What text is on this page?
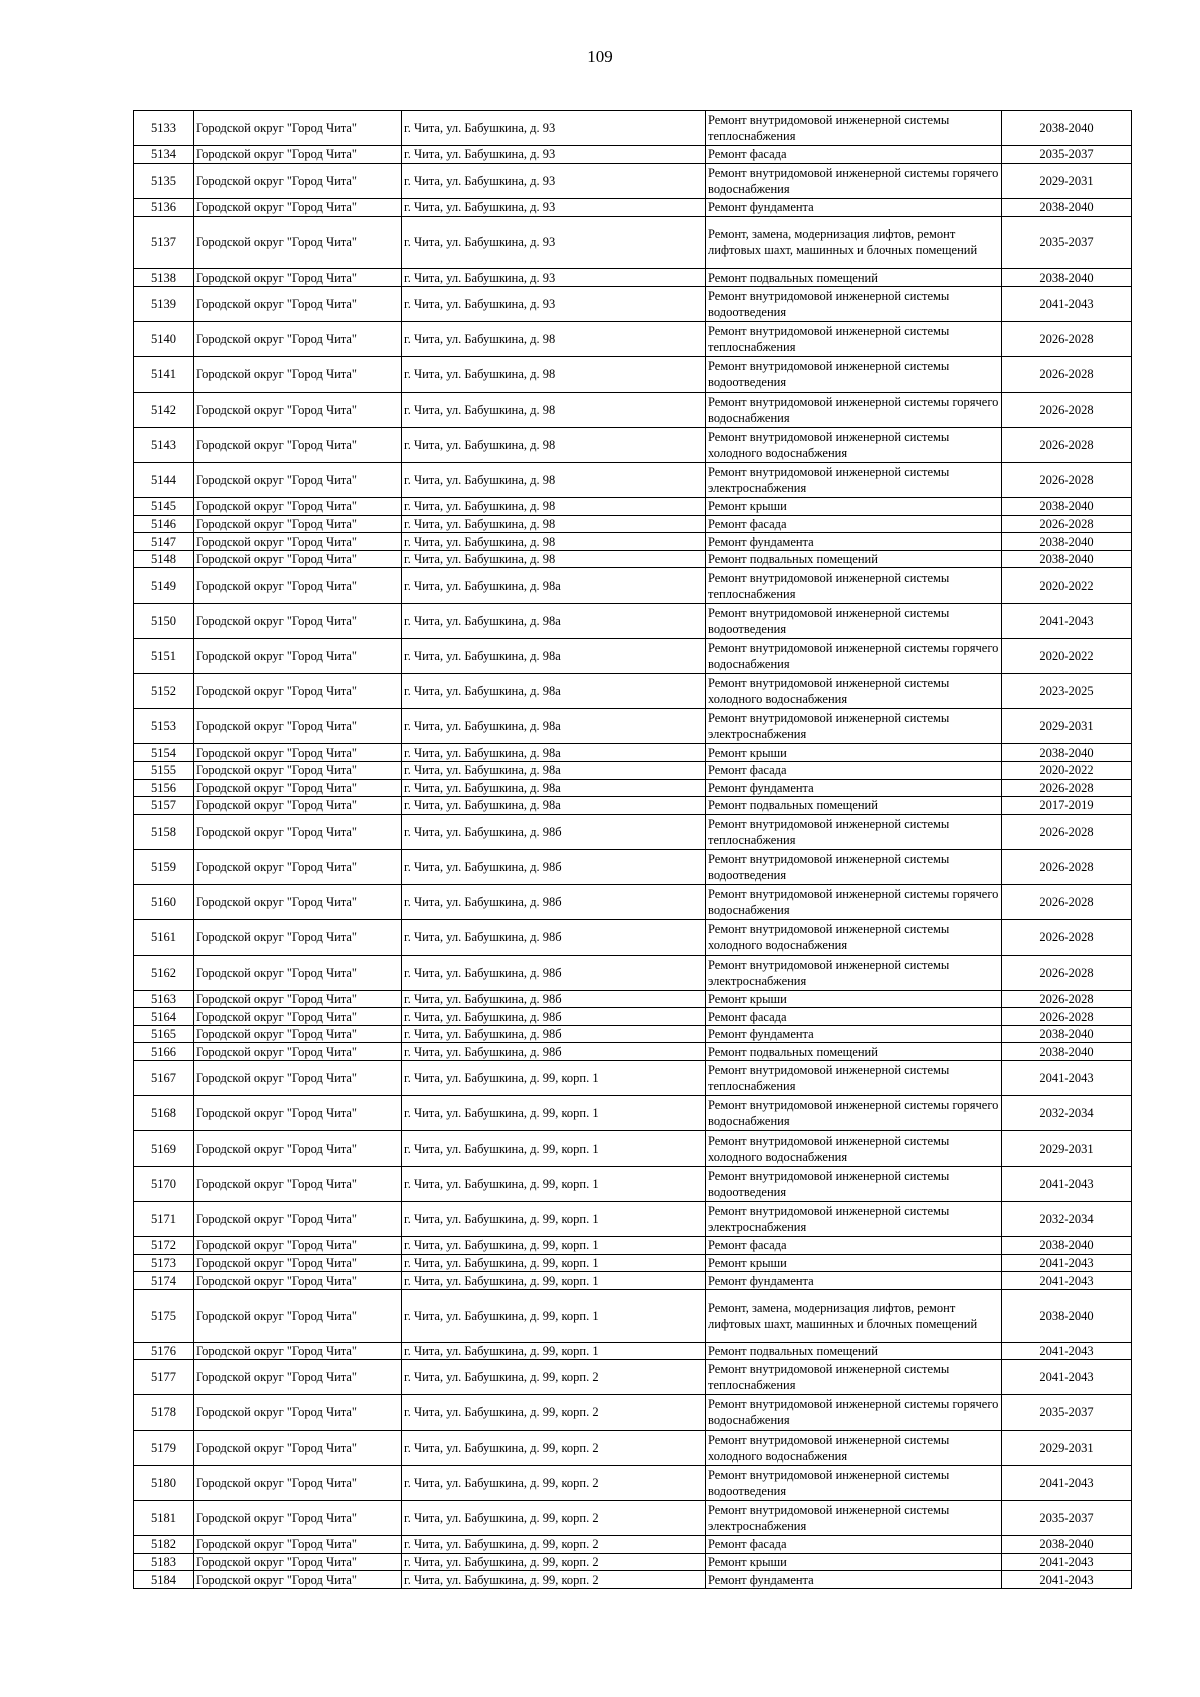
109
5133	Городской округ "Город Чита"	г. Чита, ул. Бабушкина, д. 93	Ремонт внутридомовой инженерной системы теплоснабжения	2038-2040
5134	Городской округ "Город Чита"	г. Чита, ул. Бабушкина, д. 93	Ремонт фасада	2035-2037
5135	Городской округ "Город Чита"	г. Чита, ул. Бабушкина, д. 93	Ремонт внутридомовой инженерной системы горячего водоснабжения	2029-2031
5136	Городской округ "Город Чита"	г. Чита, ул. Бабушкина, д. 93	Ремонт фундамента	2038-2040
5137	Городской округ "Город Чита"	г. Чита, ул. Бабушкина, д. 93	Ремонт, замена, модернизация лифтов, ремонт лифтовых шахт, машинных и блочных помещений	2035-2037
5138	Городской округ "Город Чита"	г. Чита, ул. Бабушкина, д. 93	Ремонт подвальных помещений	2038-2040
5139	Городской округ "Город Чита"	г. Чита, ул. Бабушкина, д. 93	Ремонт внутридомовой инженерной системы водоотведения	2041-2043
5140	Городской округ "Город Чита"	г. Чита, ул. Бабушкина, д. 98	Ремонт внутридомовой инженерной системы теплоснабжения	2026-2028
5141	Городской округ "Город Чита"	г. Чита, ул. Бабушкина, д. 98	Ремонт внутридомовой инженерной системы водоотведения	2026-2028
5142	Городской округ "Город Чита"	г. Чита, ул. Бабушкина, д. 98	Ремонт внутридомовой инженерной системы горячего водоснабжения	2026-2028
5143	Городской округ "Город Чита"	г. Чита, ул. Бабушкина, д. 98	Ремонт внутридомовой инженерной системы холодного водоснабжения	2026-2028
5144	Городской округ "Город Чита"	г. Чита, ул. Бабушкина, д. 98	Ремонт внутридомовой инженерной системы электроснабжения	2026-2028
5145	Городской округ "Город Чита"	г. Чита, ул. Бабушкина, д. 98	Ремонт крыши	2038-2040
5146	Городской округ "Город Чита"	г. Чита, ул. Бабушкина, д. 98	Ремонт фасада	2026-2028
5147	Городской округ "Город Чита"	г. Чита, ул. Бабушкина, д. 98	Ремонт фундамента	2038-2040
5148	Городской округ "Город Чита"	г. Чита, ул. Бабушкина, д. 98	Ремонт подвальных помещений	2038-2040
5149	Городской округ "Город Чита"	г. Чита, ул. Бабушкина, д. 98а	Ремонт внутридомовой инженерной системы теплоснабжения	2020-2022
5150	Городской округ "Город Чита"	г. Чита, ул. Бабушкина, д. 98а	Ремонт внутридомовой инженерной системы водоотведения	2041-2043
5151	Городской округ "Город Чита"	г. Чита, ул. Бабушкина, д. 98а	Ремонт внутридомовой инженерной системы горячего водоснабжения	2020-2022
5152	Городской округ "Город Чита"	г. Чита, ул. Бабушкина, д. 98а	Ремонт внутридомовой инженерной системы холодного водоснабжения	2023-2025
5153	Городской округ "Город Чита"	г. Чита, ул. Бабушкина, д. 98а	Ремонт внутридомовой инженерной системы электроснабжения	2029-2031
5154	Городской округ "Город Чита"	г. Чита, ул. Бабушкина, д. 98а	Ремонт крыши	2038-2040
5155	Городской округ "Город Чита"	г. Чита, ул. Бабушкина, д. 98а	Ремонт фасада	2020-2022
5156	Городской округ "Город Чита"	г. Чита, ул. Бабушкина, д. 98а	Ремонт фундамента	2026-2028
5157	Городской округ "Город Чита"	г. Чита, ул. Бабушкина, д. 98а	Ремонт подвальных помещений	2017-2019
5158	Городской округ "Город Чита"	г. Чита, ул. Бабушкина, д. 98б	Ремонт внутридомовой инженерной системы теплоснабжения	2026-2028
5159	Городской округ "Город Чита"	г. Чита, ул. Бабушкина, д. 98б	Ремонт внутридомовой инженерной системы водоотведения	2026-2028
5160	Городской округ "Город Чита"	г. Чита, ул. Бабушкина, д. 98б	Ремонт внутридомовой инженерной системы горячего водоснабжения	2026-2028
5161	Городской округ "Город Чита"	г. Чита, ул. Бабушкина, д. 98б	Ремонт внутридомовой инженерной системы холодного водоснабжения	2026-2028
5162	Городской округ "Город Чита"	г. Чита, ул. Бабушкина, д. 98б	Ремонт внутридомовой инженерной системы электроснабжения	2026-2028
5163	Городской округ "Город Чита"	г. Чита, ул. Бабушкина, д. 98б	Ремонт крыши	2026-2028
5164	Городской округ "Город Чита"	г. Чита, ул. Бабушкина, д. 98б	Ремонт фасада	2026-2028
5165	Городской округ "Город Чита"	г. Чита, ул. Бабушкина, д. 98б	Ремонт фундамента	2038-2040
5166	Городской округ "Город Чита"	г. Чита, ул. Бабушкина, д. 98б	Ремонт подвальных помещений	2038-2040
5167	Городской округ "Город Чита"	г. Чита, ул. Бабушкина, д. 99, корп. 1	Ремонт внутридомовой инженерной системы теплоснабжения	2041-2043
5168	Городской округ "Город Чита"	г. Чита, ул. Бабушкина, д. 99, корп. 1	Ремонт внутридомовой инженерной системы горячего водоснабжения	2032-2034
5169	Городской округ "Город Чита"	г. Чита, ул. Бабушкина, д. 99, корп. 1	Ремонт внутридомовой инженерной системы холодного водоснабжения	2029-2031
5170	Городской округ "Город Чита"	г. Чита, ул. Бабушкина, д. 99, корп. 1	Ремонт внутридомовой инженерной системы водоотведения	2041-2043
5171	Городской округ "Город Чита"	г. Чита, ул. Бабушкина, д. 99, корп. 1	Ремонт внутридомовой инженерной системы электроснабжения	2032-2034
5172	Городской округ "Город Чита"	г. Чита, ул. Бабушкина, д. 99, корп. 1	Ремонт фасада	2038-2040
5173	Городской округ "Город Чита"	г. Чита, ул. Бабушкина, д. 99, корп. 1	Ремонт крыши	2041-2043
5174	Городской округ "Город Чита"	г. Чита, ул. Бабушкина, д. 99, корп. 1	Ремонт фундамента	2041-2043
5175	Городской округ "Город Чита"	г. Чита, ул. Бабушкина, д. 99, корп. 1	Ремонт, замена, модернизация лифтов, ремонт лифтовых шахт, машинных и блочных помещений	2038-2040
5176	Городской округ "Город Чита"	г. Чита, ул. Бабушкина, д. 99, корп. 1	Ремонт подвальных помещений	2041-2043
5177	Городской округ "Город Чита"	г. Чита, ул. Бабушкина, д. 99, корп. 2	Ремонт внутридомовой инженерной системы теплоснабжения	2041-2043
5178	Городской округ "Город Чита"	г. Чита, ул. Бабушкина, д. 99, корп. 2	Ремонт внутридомовой инженерной системы горячего водоснабжения	2035-2037
5179	Городской округ "Город Чита"	г. Чита, ул. Бабушкина, д. 99, корп. 2	Ремонт внутридомовой инженерной системы холодного водоснабжения	2029-2031
5180	Городской округ "Город Чита"	г. Чита, ул. Бабушкина, д. 99, корп. 2	Ремонт внутридомовой инженерной системы водоотведения	2041-2043
5181	Городской округ "Город Чита"	г. Чита, ул. Бабушкина, д. 99, корп. 2	Ремонт внутридомовой инженерной системы электроснабжения	2035-2037
5182	Городской округ "Город Чита"	г. Чита, ул. Бабушкина, д. 99, корп. 2	Ремонт фасада	2038-2040
5183	Городской округ "Город Чита"	г. Чита, ул. Бабушкина, д. 99, корп. 2	Ремонт крыши	2041-2043
5184	Городской округ "Город Чита"	г. Чита, ул. Бабушкина, д. 99, корп. 2	Ремонт фундамента	2041-2043
